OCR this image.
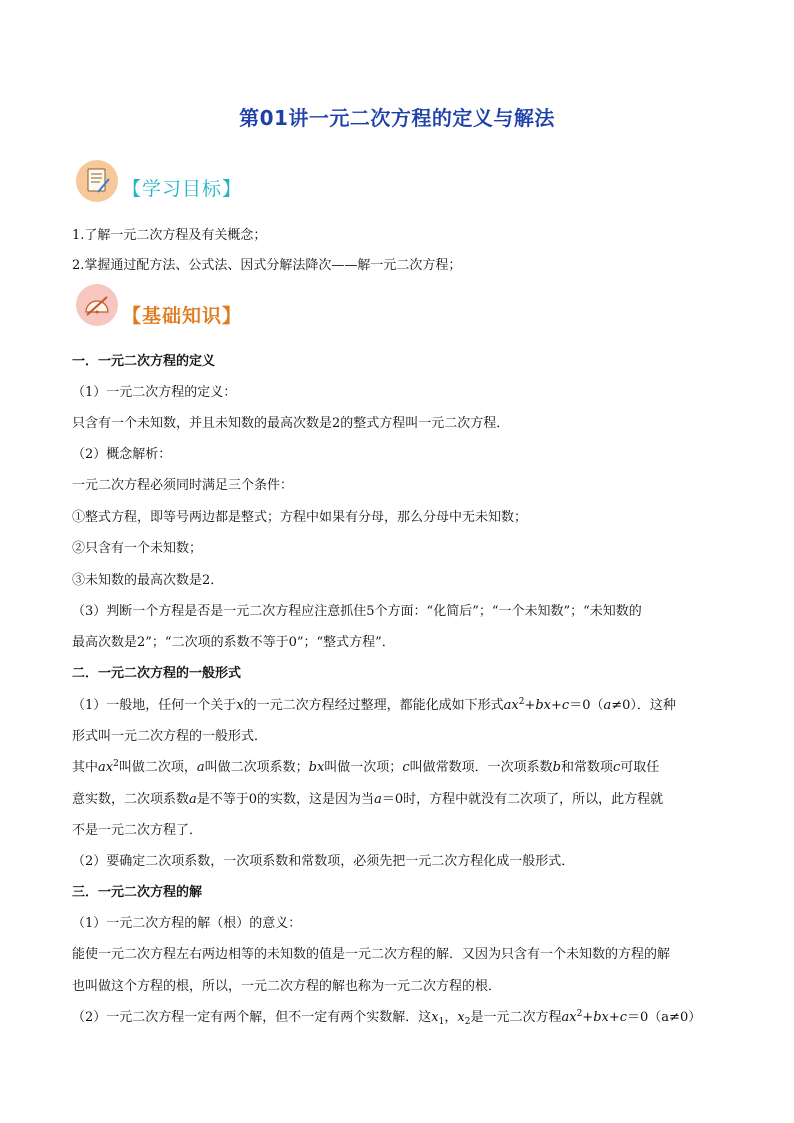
第01讲一元二次方程的定义与解法
【学习目标】
1.了解一元二次方程及有关概念；
2.掌握通过配方法、公式法、因式分解法降次——解一元二次方程；
【基础知识】
一．一元二次方程的定义
（1）一元二次方程的定义：
只含有一个未知数，并且未知数的最高次数是2的整式方程叫一元二次方程．
（2）概念解析：
一元二次方程必须同时满足三个条件：
①整式方程，即等号两边都是整式；方程中如果有分母，那么分母中无未知数；
②只含有一个未知数；
③未知数的最高次数是2．
（3）判断一个方程是否是一元二次方程应注意抓住5个方面：“化简后”；“一个未知数”；“未知数的
最高次数是2”；“二次项的系数不等于0”；“整式方程”．
二．一元二次方程的一般形式
（1）一般地，任何一个关于x的一元二次方程经过整理，都能化成如下形式$ax^2+bx+c=0(a\ne 0)$．这种
形式叫一元二次方程的一般形式．
其中$ax^2$叫做二次项，a叫做二次项系数；bx叫做一次项；c叫做常数项．一次项系数b和常数项c可取任
意实数，二次项系数a是不等于0的实数，这是因为当a＝0时，方程中就没有二次项了，所以，此方程就
不是一元二次方程了．
（2）要确定二次项系数，一次项系数和常数项，必须先把一元二次方程化成一般形式．
三．一元二次方程的解
（1）一元二次方程的解（根）的意义：
能使一元二次方程左右两边相等的未知数的值是一元二次方程的解．又因为只含有一个未知数的方程的解
也叫做这个方程的根，所以，一元二次方程的解也称为一元二次方程的根．
（2）一元二次方程一定有两个解，但不一定有两个实数解．这$x_1$，$x_2$是一元二次方程$ax^2+bx+c=0(a\ne 0)$
